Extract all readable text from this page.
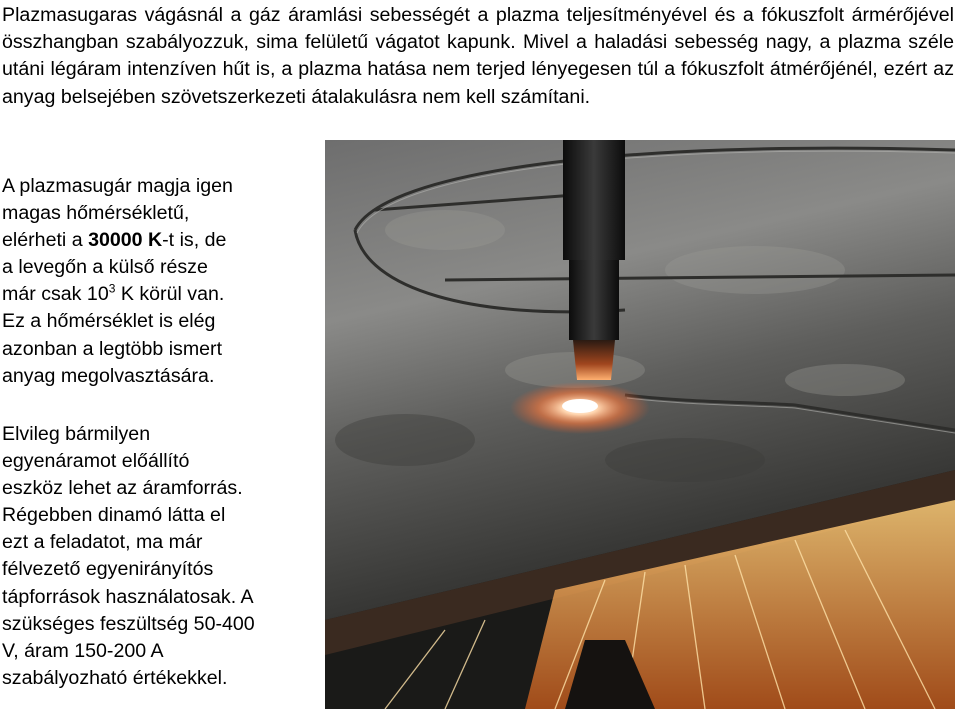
Plazmasugaras vágásnál a gáz áramlási sebességét a plazma teljesítményével és a fókuszfolt ármérőjével összhangban szabályozzuk, sima felületű vágatot kapunk. Mivel a haladási sebesség nagy, a plazma széle utáni légáram intenzíven hűt is, a plazma hatása nem terjed lényegesen túl a fókuszfolt átmérőjénél, ezért az anyag belsejében szövetszerkezeti átalakulásra nem kell számítani.

A plazmasugár magja igen
magas hőmérsékletű,
elérheti a 30000 K-t is, de
a levegőn a külső része
már csak $10^3$ K körül van.
Ez a hőmérséklet is elég
azonban a legtöbb ismert
anyag megolvasztására.
Elvileg bármilyen
egyenáramot előállító
eszköz lehet az áramforrás.
Régebben dinamó látta el
ezt a feladatot, ma már
félvezető egyenirányítós
tápforrások használatosak. A
szükséges feszültség 50-400
V, áram 150-200 A
szabályozható értékekkel.
